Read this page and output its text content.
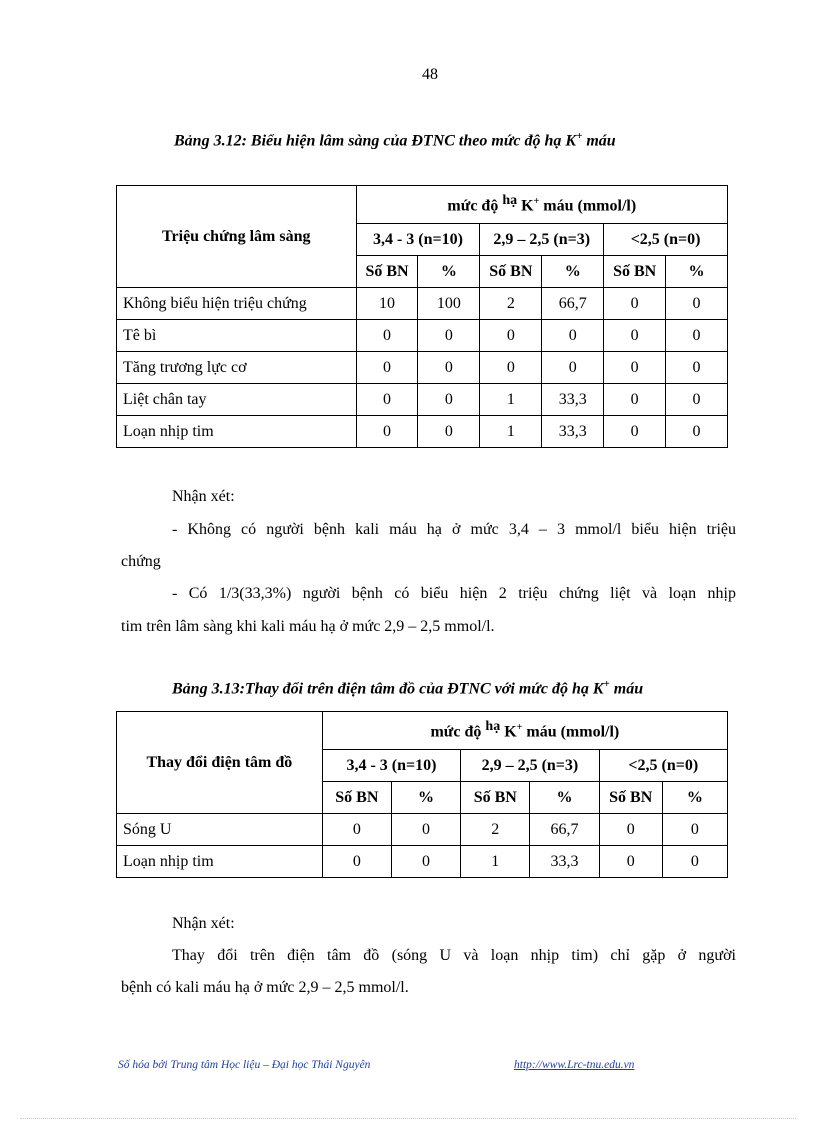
48
Bảng 3.12: Biểu hiện lâm sàng của ĐTNC theo mức độ hạ K+ máu
Triệu chứng lâm sàng	mức độ $^{hạ}$ K+ máu (mmol/l)					
	3,4 - 3 (n=10)		2,9 – 2,5 (n=3)		<2,5 (n=0)	
	Số BN	%	Số BN	%	Số BN	%
Không biểu hiện triệu chứng	10	100	2	66,7	0	0
Tê bì	0	0	0	0	0	0
Tăng trương lực cơ	0	0	0	0	0	0
Liệt chân tay	0	0	1	33,3	0	0
Loạn nhịp tim	0	0	1	33,3	0	0
Nhận xét:
- Không có người bệnh kali máu hạ ở mức 3,4 – 3 mmol/l biểu hiện triệu
chứng
- Có 1/3(33,3%) người bệnh có biểu hiện 2 triệu chứng liệt và loạn nhịp
tim trên lâm sàng khi kali máu hạ ở mức 2,9 – 2,5 mmol/l.
Bảng 3.13:Thay đổi trên điện tâm đồ của ĐTNC với mức độ hạ K+ máu
Thay đổi điện tâm đồ	mức độ $^{hạ}$ K+ máu (mmol/l)					
	3,4 - 3 (n=10)		2,9 – 2,5 (n=3)		<2,5 (n=0)	
	Số BN	%	Số BN	%	Số BN	%
Sóng U	0	0	2	66,7	0	0
Loạn nhịp tim	0	0	1	33,3	0	0
Nhận xét:
Thay đổi trên điện tâm đồ (sóng U và loạn nhịp tim) chỉ gặp ở người
bệnh có kali máu hạ ở mức 2,9 – 2,5 mmol/l.
Số hóa bởi Trung tâm Học liệu – Đại học Thái Nguyên	http://www.Lrc-tnu.edu.vn
